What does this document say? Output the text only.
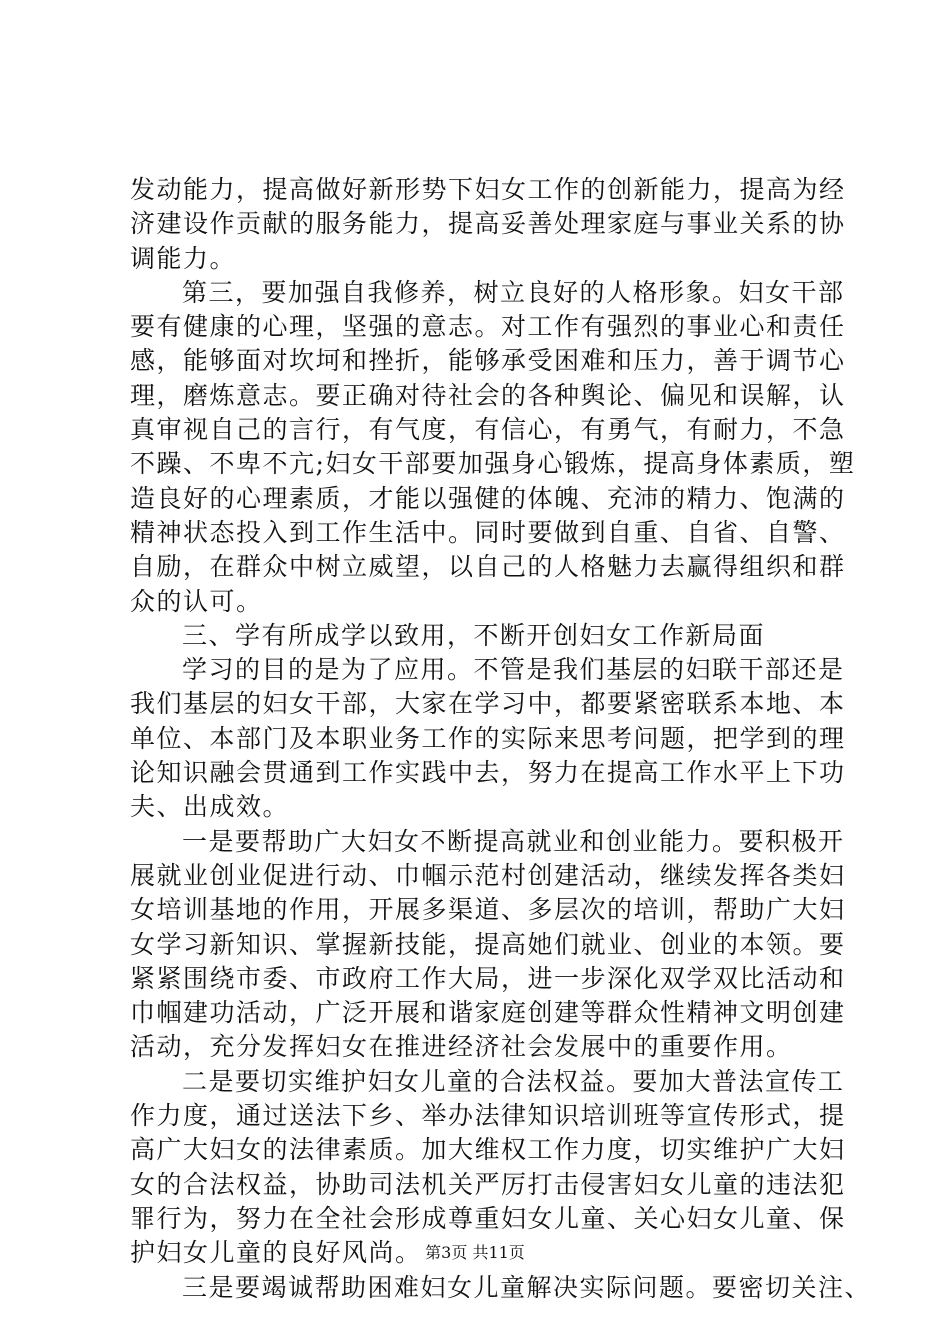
发动能力，提高做好新形势下妇女工作的创新能力，提高为经
济建设作贡献的服务能力，提高妥善处理家庭与事业关系的协
调能力。
第三，要加强自我修养，树立良好的人格形象。妇女干部
要有健康的心理，坚强的意志。对工作有强烈的事业心和责任
感，能够面对坎坷和挫折，能够承受困难和压力，善于调节心
理，磨炼意志。要正确对待社会的各种舆论、偏见和误解，认
真审视自己的言行，有气度，有信心，有勇气，有耐力，不急
不躁、不卑不亢;妇女干部要加强身心锻炼，提高身体素质，塑
造良好的心理素质，才能以强健的体魄、充沛的精力、饱满的
精神状态投入到工作生活中。同时要做到自重、自省、自警、
自励，在群众中树立威望，以自己的人格魅力去赢得组织和群
众的认可。
三、学有所成学以致用，不断开创妇女工作新局面
学习的目的是为了应用。不管是我们基层的妇联干部还是
我们基层的妇女干部，大家在学习中，都要紧密联系本地、本
单位、本部门及本职业务工作的实际来思考问题，把学到的理
论知识融会贯通到工作实践中去，努力在提高工作水平上下功
夫、出成效。
一是要帮助广大妇女不断提高就业和创业能力。要积极开
展就业创业促进行动、巾帼示范村创建活动，继续发挥各类妇
女培训基地的作用，开展多渠道、多层次的培训，帮助广大妇
女学习新知识、掌握新技能，提高她们就业、创业的本领。要
紧紧围绕市委、市政府工作大局，进一步深化双学双比活动和
巾帼建功活动，广泛开展和谐家庭创建等群众性精神文明创建
活动，充分发挥妇女在推进经济社会发展中的重要作用。
二是要切实维护妇女儿童的合法权益。要加大普法宣传工
作力度，通过送法下乡、举办法律知识培训班等宣传形式，提
高广大妇女的法律素质。加大维权工作力度，切实维护广大妇
女的合法权益，协助司法机关严厉打击侵害妇女儿童的违法犯
罪行为，努力在全社会形成尊重妇女儿童、关心妇女儿童、保
护妇女儿童的良好风尚。
三是要竭诚帮助困难妇女儿童解决实际问题。要密切关注、
第3页 共11页
